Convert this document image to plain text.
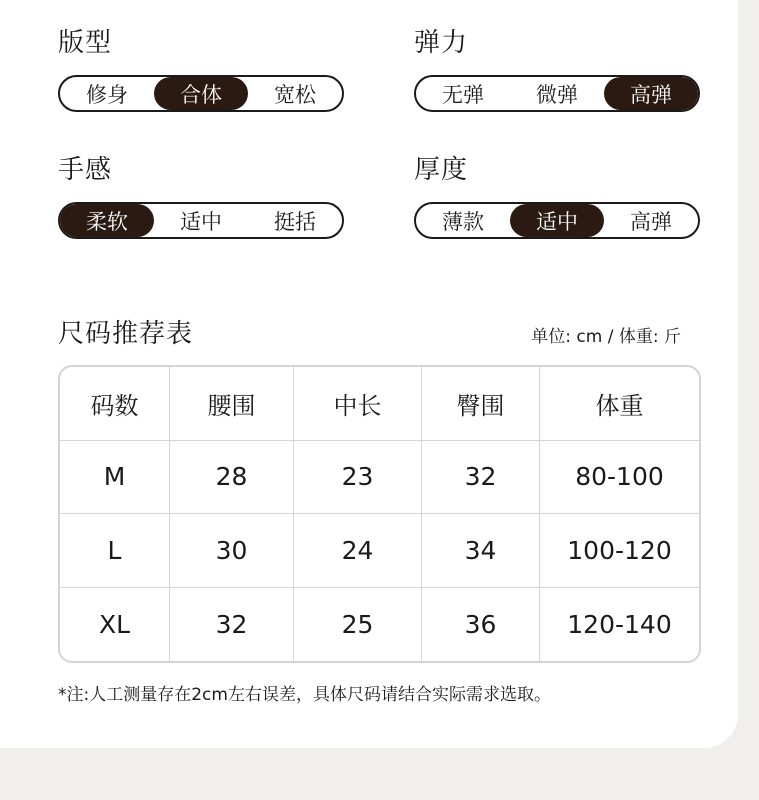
版型
修身	合体	宽松
弹力
无弹	微弹	高弹
手感
柔软	适中	挺括
厚度
薄款	适中	高弹
尺码推荐表	单位: cm / 体重: 斤
码数	腰围	中长	臀围	体重
M	28	23	32	80-100
L	30	24	34	100-120
XL	32	25	36	120-140
*注:人工测量存在2cm左右误差，具体尺码请结合实际需求选取。
